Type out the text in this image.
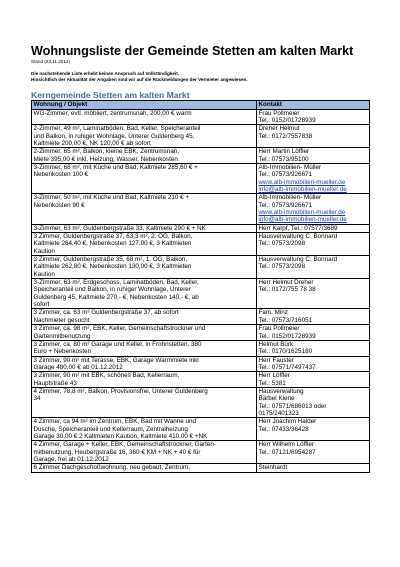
Wohnungsliste der Gemeinde Stetten am kalten Markt
Stand (23.11.2012)
Die nachstehende Liste erhebt keinen Anspruch auf Vollständigkeit.
Hinsichtlich der Aktualität der Angaben sind wir auf die Rückmeldungen der Vermieter angewiesen.
Kerngemeinde Stetten am kalten Markt
Wohnung / Objekt	Kontakt

WG-Zimmer, evtl. möbliert, zentrumsnah, 200,00 € warm	Frau Pollmeier
Tel.: 0152/01728939

2-Zimmer, 49 m², Laminatböden, Bad, Keller, Speicheranteil
und Balkon, in ruhiger Wohnlage, Unterer Guldenberg 45,
Kaltmiete 200,00 €, NK 120,00 € ab sofort	Dreher Helmut
Tel.: 0172/7557838

2-Zimmer, 65 m², Balkon, kleine EBK, Zentrumsnah,
Miete 395,00 € inkl. Heizung, Wasser, Nebenkosten	Herr Martin Löffler
Tel.: 07573/95100

3-Zimmer, 68 m², mit Küche und Bad, Kaltmiete 285,60 € +
Nebenkosten 100 €	Alb-Immobilien- Müller
Tel.: 07573/926671
www.alb-immobilien-mueller.de
info@alb-immobilien-mueller.de

3-Zimmer, 50 m², mit Küche und Bad, Kaltmiete 210 € +
Nebenkosten 90 €	Alb-Immobilien- Müller
Tel.: 07573/926671
www.alb-immobilien-mueller.de
info@alb-immobilien-mueller.de

3-Zimmer, 63 m², Guldenbergstraße 33, Kaltmiete 290 € + NK	Herr Karpf, Tel.: 07577/3689

3 Zimmer, Guldenbergstraße 37, 63,3 m², 2. OG, Balkon,
Kaltmiete 264,40 €, Nebenkosten 127,00 €, 3 Kaltmieten
Kaution	Hausverwaltung C. Bonnard
Tel.: 07573/2098

3 Zimmer, Guldenbergstraße 35, 68 m², 1. OG, Balkon,
Kaltmiete 262,80 €, Nebenkosten 130,00 €, 3 Kaltmieten
Kaution	Hausverwaltung C. Bonnard
Tel.: 07573/2098

3-Zimmer, 63 m², Erdgeschoss, Laminatböden, Bad, Keller,
Speicheranteil und Balkon, in ruhiger Wohnlage, Unterer
Guldenberg 45, Kaltmiete 270,- €, Nebenkosten 140,- €, ab
sofort	Herr Helmut Dreher
Tel.: 0172/755 78 38

3 Zimmer, ca. 63 m² Guldenbergstraße 37, ab sofort
Nachmieter gesucht	Fam. Minz
Tel.: 07573/716051

3 Zimmer, ca. 98 m², EBK, Keller, Gemeinschaftstrockner und
Gartenmitbenutzung	Frau Pollmeier
Tel.: 0152/01728939

3 Zimmer, ca. 80 m² Garage und Keller, in Frohnstetten, 380
Euro + Nebenkosten	Helmut Bürk
Tel.: 0170/1625180

3 Zimmer, 90 m² mit Terasse, EBK, Garage Warmmiete inkl
Garage 480,00 € ab 01.12.2012	Herr Fauster
Tel.: 07571/7497437

3 Zimmer, 90 m² mit EBK, schönes Bad, Kellerraum,
Hauptstraße 43	Herr Löffler
Tel.: 5381

4 Zimmer, 78,8 m², Balkon, Provisionsfrei, Unterer Guldenberg
34	Hausverwaltung
Bärbel Kiene
Tel.: 07571/686013 oder
0175/2401323

4 Zimmer, ca 94 m² im Zentrum, EBK, Bad mit Wanne und
Dusche, Speicheranteil und Kellerraum, Zentralheizung
Garage 30,00 € 2 Kaltmieten Kaution, Kaltmiete 410,00 € +NK	Herr Joachim Halder
Tel.: 07433/36428

4 Zimmer, Garage + Keller, EBK, Gemeinschaftstrockner, Garten-
mitbenutzung, Heubergstraße 16, 360 € KM + NK + 40 € für
Garage, frei ab 01.12.2012	Herr Wilhelm Löffler
Tel.: 07121/6954287

6 Zimmer Dachgeschoßwohnung, neu gebaut, Zentrum,	Steinhardt
